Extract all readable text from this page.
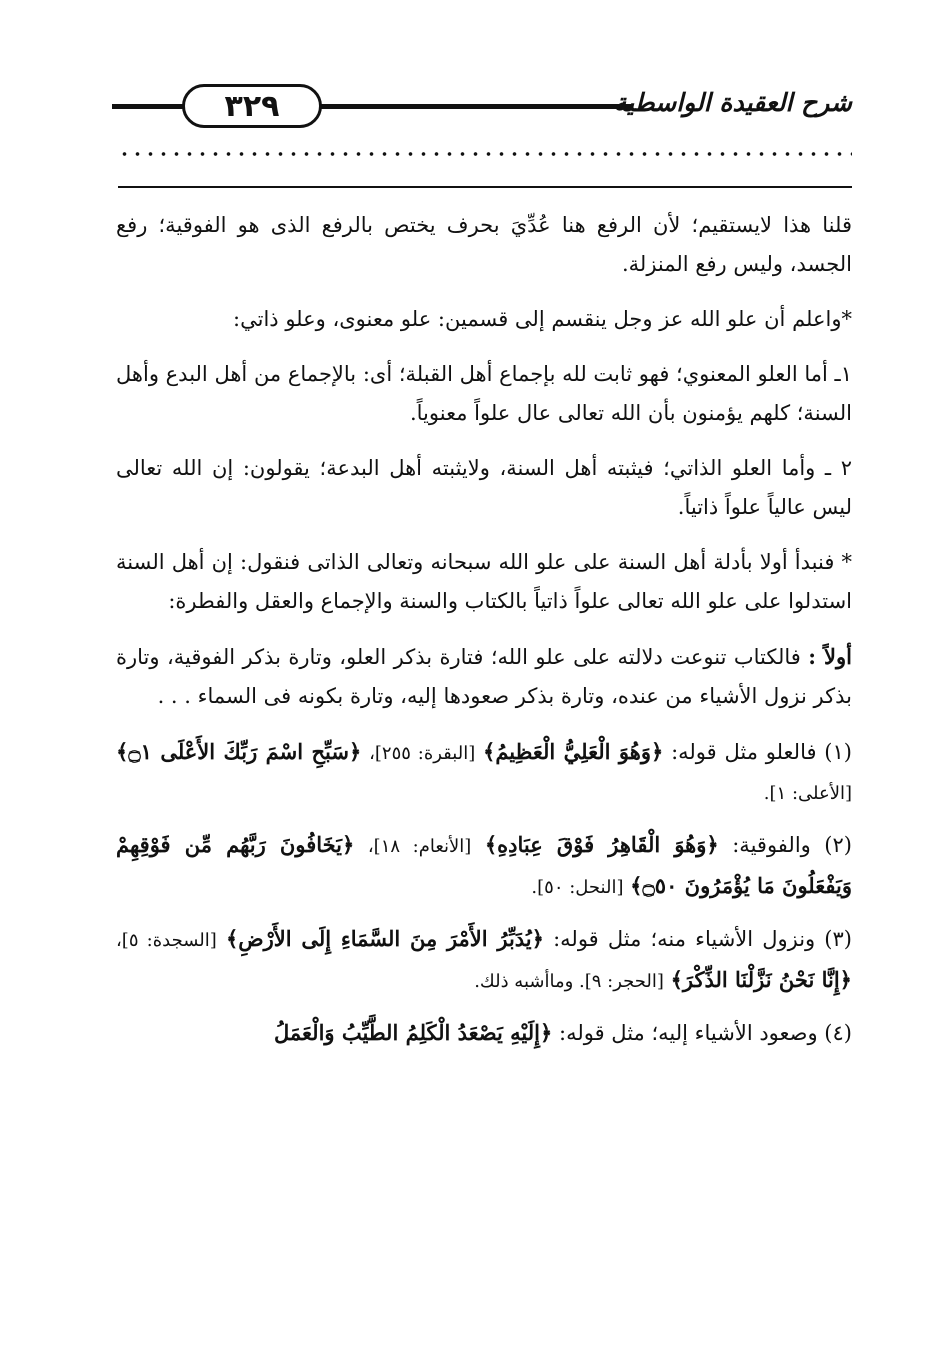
٣٢٩	شرح العقيدة الواسطية

قلنا هذا لايستقيم؛ لأن الرفع هنا عُدِّيَ بحرف يختص بالرفع الذى هو الفوقية؛ رفع الجسد، وليس رفع المنزلة.

*واعلم أن علو الله عز وجل ينقسم إلى قسمين: علو معنوى، وعلو ذاتي:

١ـ أما العلو المعنوي؛ فهو ثابت لله بإجماع أهل القبلة؛ أى: بالإجماع من أهل البدع وأهل السنة؛ كلهم يؤمنون بأن الله تعالى عال علواً معنوياً.

٢ ـ وأما العلو الذاتي؛ فيثبته أهل السنة، ولايثبته أهل البدعة؛ يقولون: إن الله تعالى ليس عالياً علواً ذاتياً.

* فنبدأ أولا بأدلة أهل السنة على علو الله سبحانه وتعالى الذاتى فنقول: إن أهل السنة استدلوا على علو الله تعالى علواً ذاتياً بالكتاب والسنة والإجماع والعقل والفطرة:

أولاً : فالكتاب تنوعت دلالته على علو الله؛ فتارة بذكر العلو، وتارة بذكر الفوقية، وتارة بذكر نزول الأشياء من عنده، وتارة بذكر صعودها إليه، وتارة بكونه فى السماء . . .

(١) فالعلو مثل قوله: ﴿وَهُوَ الْعَلِيُّ الْعَظِيمُ﴾ [البقرة: ٢٥٥]، ﴿سَبِّحِ اسْمَ رَبِّكَ الأَعْلَى ۝١﴾ [الأعلى: ١].

(٢) والفوقية: ﴿وَهُوَ الْقَاهِرُ فَوْقَ عِبَادِهِ﴾ [الأنعام: ١٨]، ﴿يَخَافُونَ رَبَّهُم مِّن فَوْقِهِمْ وَيَفْعَلُونَ مَا يُؤْمَرُونَ ۝٥٠﴾ [النحل: ٥٠].

(٣) ونزول الأشياء منه؛ مثل قوله: ﴿يُدَبِّرُ الأَمْرَ مِنَ السَّمَاءِ إِلَى الأَرْضِ﴾ [السجدة: ٥]، ﴿إِنَّا نَحْنُ نَزَّلْنَا الذِّكْرَ﴾ [الحجر: ٩]. وماأشبه ذلك.

(٤) وصعود الأشياء إليه؛ مثل قوله: ﴿إِلَيْهِ يَصْعَدُ الْكَلِمُ الطَّيِّبُ وَالْعَمَلُ
